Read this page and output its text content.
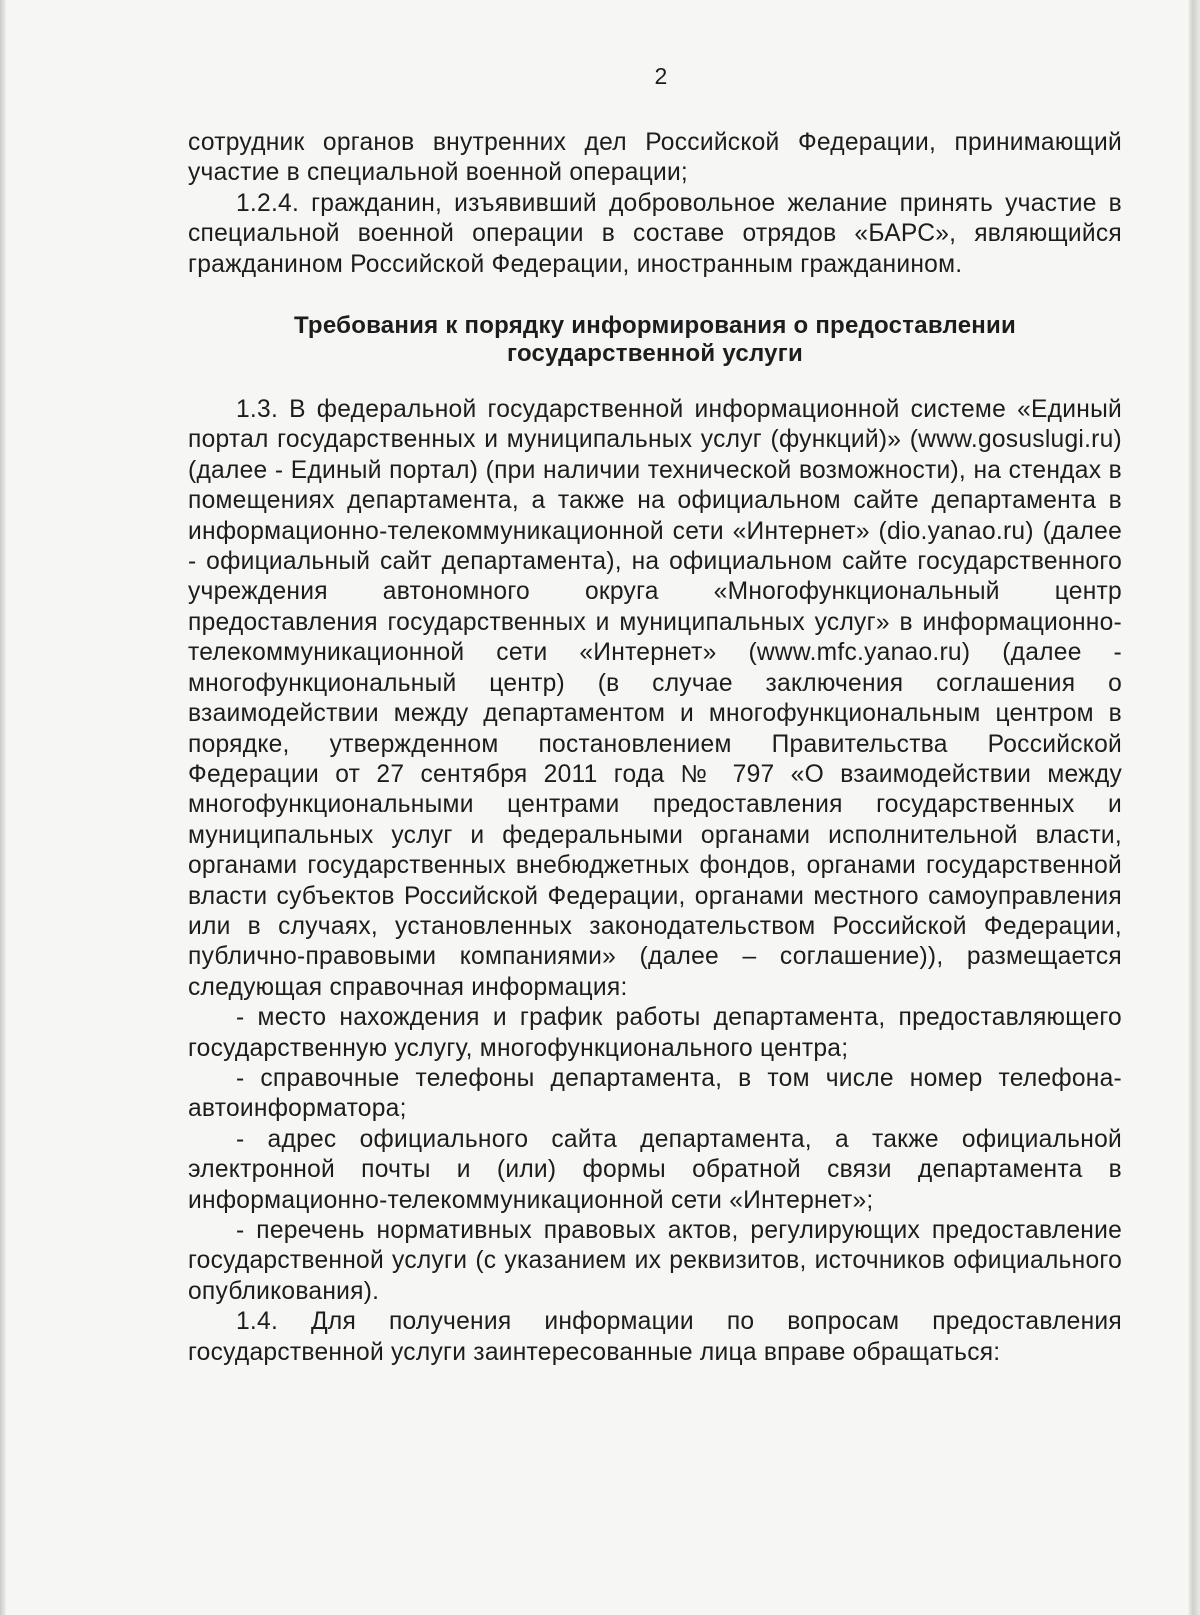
2

сотрудник органов внутренних дел Российской Федерации, принимающий участие в специальной военной операции;

1.2.4. гражданин, изъявивший добровольное желание принять участие в специальной военной операции в составе отрядов «БАРС», являющийся гражданином Российской Федерации, иностранным гражданином.

Требования к порядку информирования о предоставлении государственной услуги

1.3. В федеральной государственной информационной системе «Единый портал государственных и муниципальных услуг (функций)» (www.gosuslugi.ru) (далее - Единый портал) (при наличии технической возможности), на стендах в помещениях департамента, а также на официальном сайте департамента в информационно-телекоммуникационной сети «Интернет» (dio.yanao.ru) (далее - официальный сайт департамента), на официальном сайте государственного учреждения автономного округа «Многофункциональный центр предоставления государственных и муниципальных услуг» в информационно-телекоммуникационной сети «Интернет» (www.mfc.yanao.ru) (далее - многофункциональный центр) (в случае заключения соглашения о взаимодействии между департаментом и многофункциональным центром в порядке, утвержденном постановлением Правительства Российской Федерации от 27 сентября 2011 года № 797 «О взаимодействии между многофункциональными центрами предоставления государственных и муниципальных услуг и федеральными органами исполнительной власти, органами государственных внебюджетных фондов, органами государственной власти субъектов Российской Федерации, органами местного самоуправления или в случаях, установленных законодательством Российской Федерации, публично-правовыми компаниями» (далее – соглашение)), размещается следующая справочная информация:

- место нахождения и график работы департамента, предоставляющего государственную услугу, многофункционального центра;

- справочные телефоны департамента, в том числе номер телефона-автоинформатора;

- адрес официального сайта департамента, а также официальной электронной почты и (или) формы обратной связи департамента в информационно-телекоммуникационной сети «Интернет»;

- перечень нормативных правовых актов, регулирующих предоставление государственной услуги (с указанием их реквизитов, источников официального опубликования).

1.4. Для получения информации по вопросам предоставления государственной услуги заинтересованные лица вправе обращаться:
